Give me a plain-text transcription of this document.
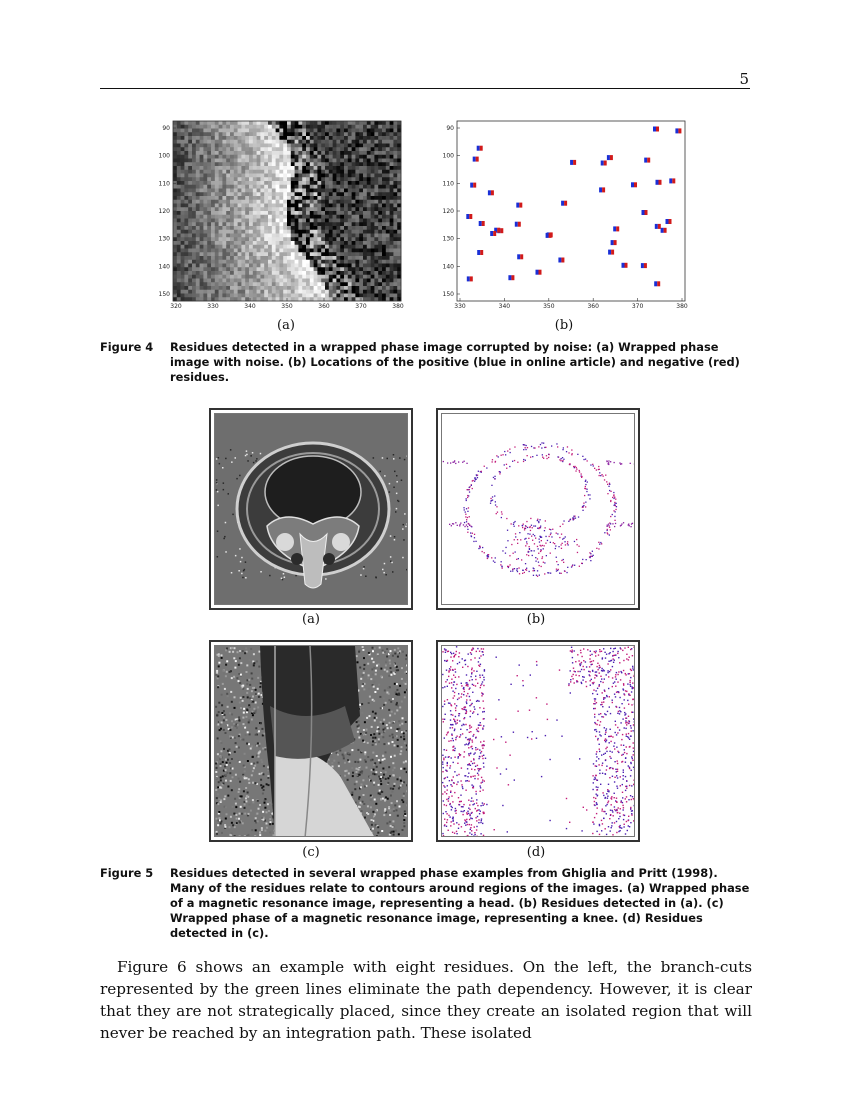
5
90
100
110
120
130
140
150
320	330	340	350	360	370	380
(a)
90
100
110
120
130
140
150
330	340	350	360	370	380
(b)
Figure 4 Residues detected in a wrapped phase image corrupted by noise: (a) Wrapped phase image with noise. (b) Locations of the positive (blue in online article) and negative (red) residues.
(a)	(b)
(c)	(d)
Figure 5 Residues detected in several wrapped phase examples from Ghiglia and Pritt (1998). Many of the residues relate to contours around regions of the images. (a) Wrapped phase of a magnetic resonance image, representing a head. (b) Residues detected in (a). (c) Wrapped phase of a magnetic resonance image, representing a knee. (d) Residues detected in (c).
Figure 6 shows an example with eight residues. On the left, the branch-cuts represented by the green lines eliminate the path dependency. However, it is clear that they are not strategically placed, since they create an isolated region that will never be reached by an integration path. These isolated
